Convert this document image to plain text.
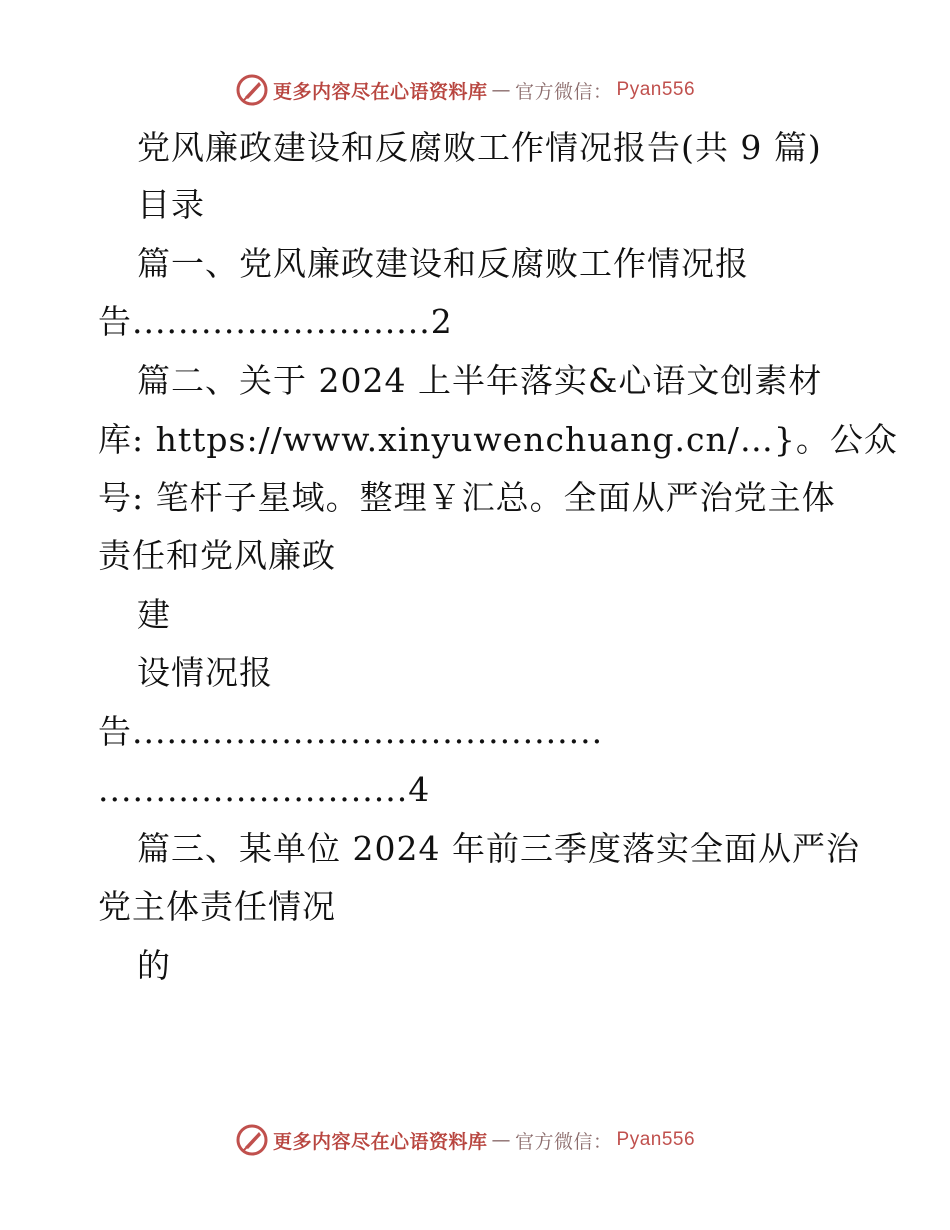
更多内容尽在心语资料库 — 官方微信： Pyan556
党风廉政建设和反腐败工作情况报告(共 9 篇)
目录
篇一、党风廉政建设和反腐败工作情况报
告..........................2
篇二、关于 2024 上半年落实&心语文创素材
库: https://www.xinyuwenchuang.cn/…}。公众
号: 笔杆子星域。整理￥汇总。全面从严治党主体
责任和党风廉政
建
设情况报
告.........................................
...........................4
篇三、某单位 2024 年前三季度落实全面从严治
党主体责任情况
的
更多内容尽在心语资料库 — 官方微信： Pyan556
